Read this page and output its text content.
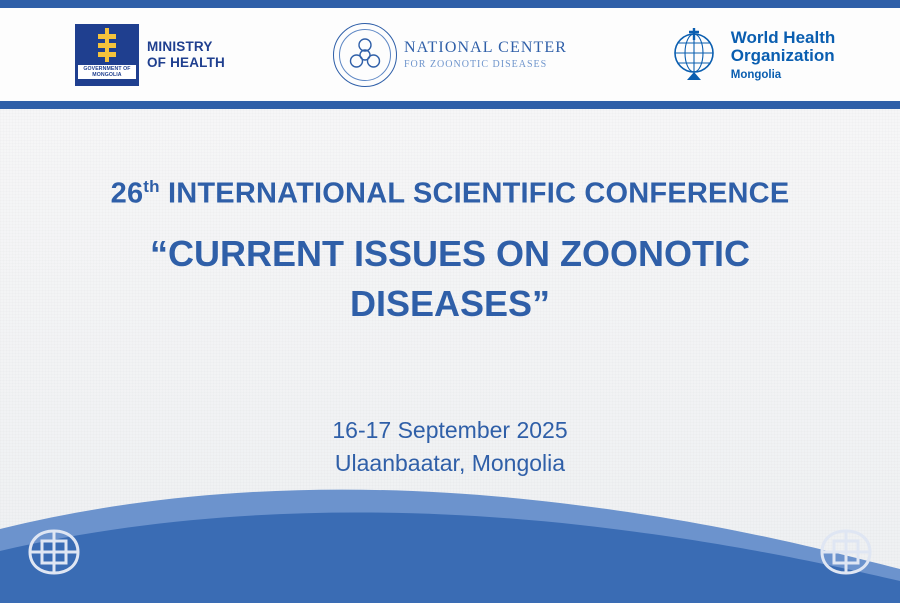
GOVERNMENT OF MONGOLIA
MINISTRY
OF HEALTH
NATIONAL CENTER
FOR ZOONOTIC DISEASES
World Health
Organization
Mongolia
26th INTERNATIONAL SCIENTIFIC CONFERENCE
“CURRENT ISSUES ON ZOONOTIC DISEASES”
16-17 September 2025
Ulaanbaatar, Mongolia
